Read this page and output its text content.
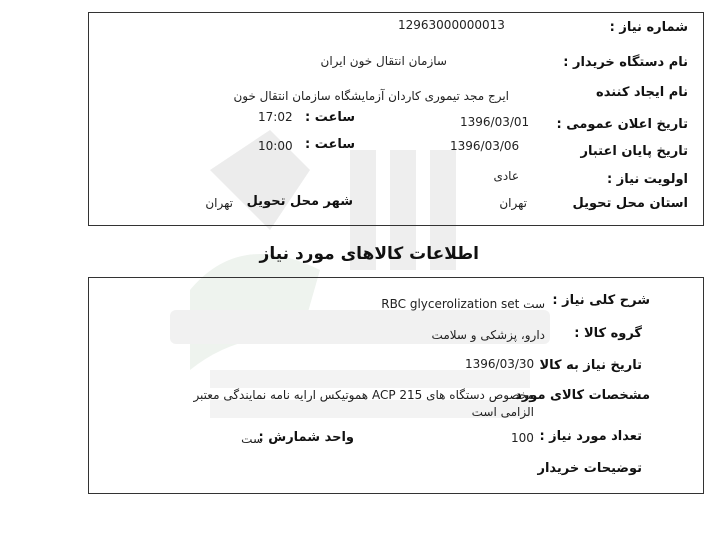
شماره نیاز :
12963000000013
نام دستگاه خریدار :
سازمان انتقال خون ایران
نام ایجاد کننده
ایرج مجد تیموری کاردان آزمایشگاه سازمان انتقال خون
تاریخ اعلان عمومی :
1396/03/01
ساعت :
17:02
تاریخ پایان اعتبار
1396/03/06
ساعت :
10:00
اولویت نیاز :
عادی
استان محل تحویل
تهران
شهر محل تحویل
تهران
اطلاعات کالاهای مورد نیاز
شرح کلی نیاز :
ست RBC glycerolization set
گروه کالا :
دارو، پزشکی و سلامت
تاریخ نیاز به کالا
1396/03/30
مشخصات کالای مورد
مخصوص دستگاه های ACP 215 هموتیکس ارایه نامه نمایندگی معتبر
الزامی است
تعداد مورد نیاز :
100
واحد شمارش :
ست
توضیحات خریدار
